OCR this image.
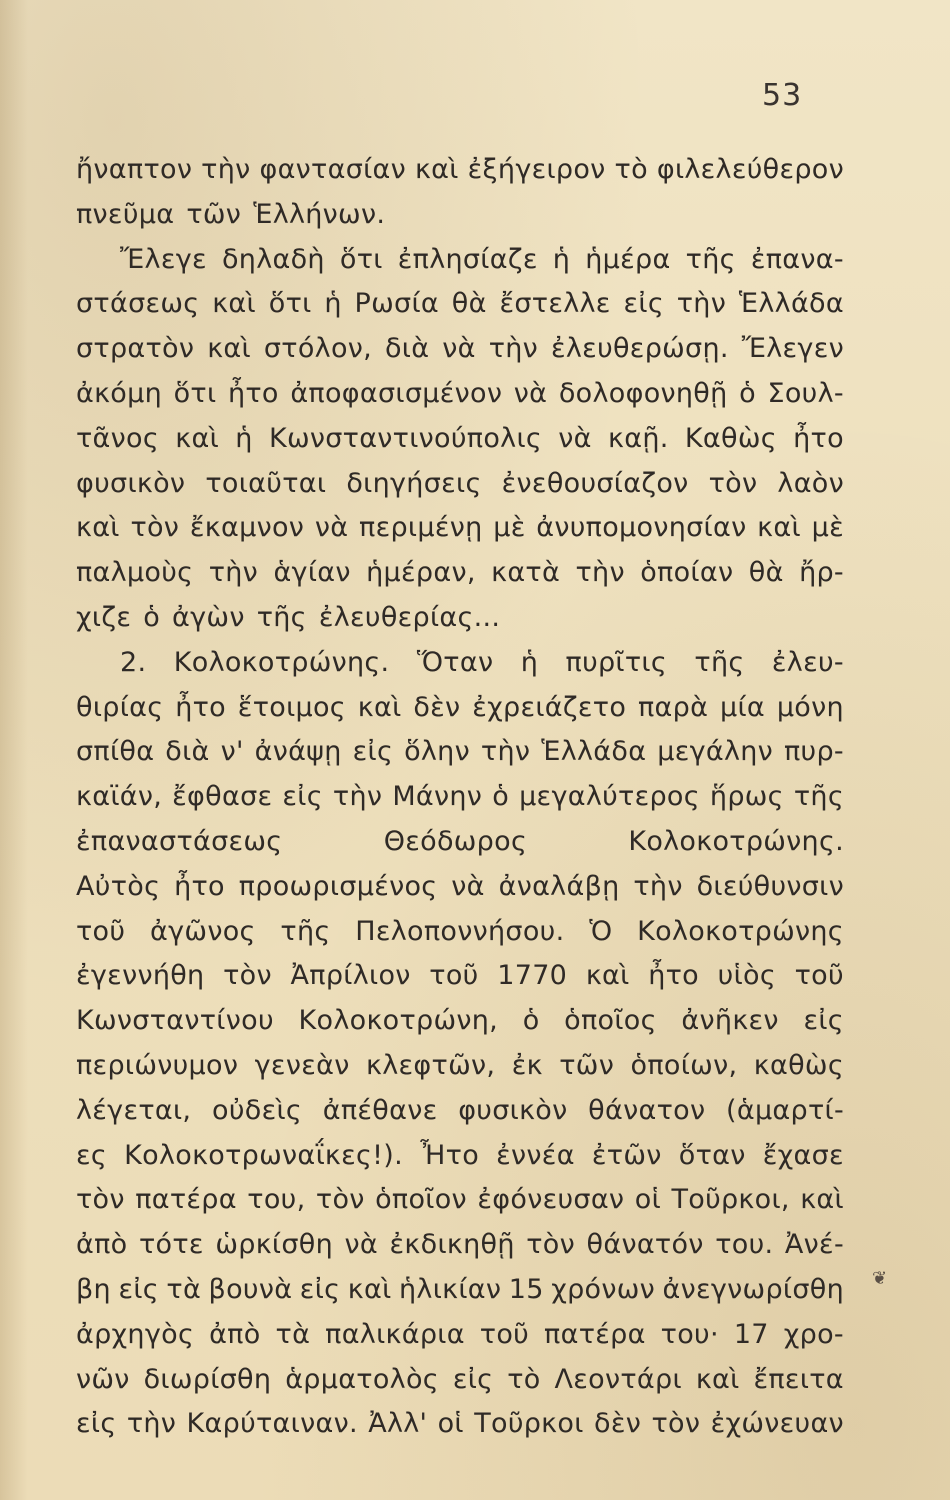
53
ἤναπτον τὴν φαντασίαν καὶ ἐξήγειρον τὸ φιλελεύθερον
πνεῦμα τῶν Ἑλλήνων.
Ἔλεγε δηλαδὴ ὅτι ἐπλησίαζε ἡ ἡμέρα τῆς ἐπανα-
στάσεως καὶ ὅτι ἡ Ρωσία θὰ ἔστελλε εἰς τὴν Ἑλλάδα
στρατὸν καὶ στόλον, διὰ νὰ τὴν ἐλευθερώσῃ. Ἔλεγεν
ἀκόμη ὅτι ἦτο ἀποφασισμένον νὰ δολοφονηθῇ ὁ Σουλ-
τᾶνος καὶ ἡ Κωνσταντινούπολις νὰ καῇ. Καθὼς ἦτο
φυσικὸν τοιαῦται διηγήσεις ἐνεθουσίαζον τὸν λαὸν
καὶ τὸν ἔκαμνον νὰ περιμένῃ μὲ ἀνυπομονησίαν καὶ μὲ
παλμοὺς τὴν ἁγίαν ἡμέραν, κατὰ τὴν ὁποίαν θὰ ἤρ-
χιζε ὁ ἀγὼν τῆς ἐλευθερίας...
2. Κολοκοτρώνης. Ὅταν ἡ πυρῖτις τῆς ἐλευ-
θιρίας ἦτο ἕτοιμος καὶ δὲν ἐχρειάζετο παρὰ μία μόνη
σπίθα διὰ ν' ἀνάψῃ εἰς ὅλην τὴν Ἑλλάδα μεγάλην πυρ-
καϊάν, ἔφθασε εἰς τὴν Μάνην ὁ μεγαλύτερος ἥρως τῆς
ἐπαναστάσεως	Θεόδωρος	Κολοκοτρώνης.
Αὐτὸς ἦτο προωρισμένος νὰ ἀναλάβῃ τὴν διεύθυνσιν
τοῦ ἀγῶνος τῆς Πελοποννήσου. Ὁ Κολοκοτρώνης
ἐγεννήθη τὸν Ἀπρίλιον τοῦ 1770 καὶ ἦτο υἱὸς τοῦ
Κωνσταντίνου Κολοκοτρώνη, ὁ ὁποῖος ἀνῆκεν εἰς
περιώνυμον γενεὰν κλεφτῶν, ἐκ τῶν ὁποίων, καθὼς
λέγεται, οὐδεὶς ἀπέθανε φυσικὸν θάνατον (ἁμαρτί-
ες Κολοκοτρωναΐκες!). Ἦτο ἐννέα ἐτῶν ὅταν ἔχασε
τὸν πατέρα του, τὸν ὁποῖον ἐφόνευσαν οἱ Τοῦρκοι, καὶ
ἀπὸ τότε ὡρκίσθη νὰ ἐκδικηθῇ τὸν θάνατόν του. Ἀνέ-
βη εἰς τὰ βουνὰ εἰς καὶ ἡλικίαν 15 χρόνων ἀνεγνωρίσθη
ἀρχηγὸς ἀπὸ τὰ παλικάρια τοῦ πατέρα του· 17 χρο-
νῶν διωρίσθη ἁρματολὸς εἰς τὸ Λεοντάρι καὶ ἔπειτα
εἰς τὴν Καρύταιναν. Ἀλλ' οἱ Τοῦρκοι δὲν τὸν ἐχώνευαν
❦
